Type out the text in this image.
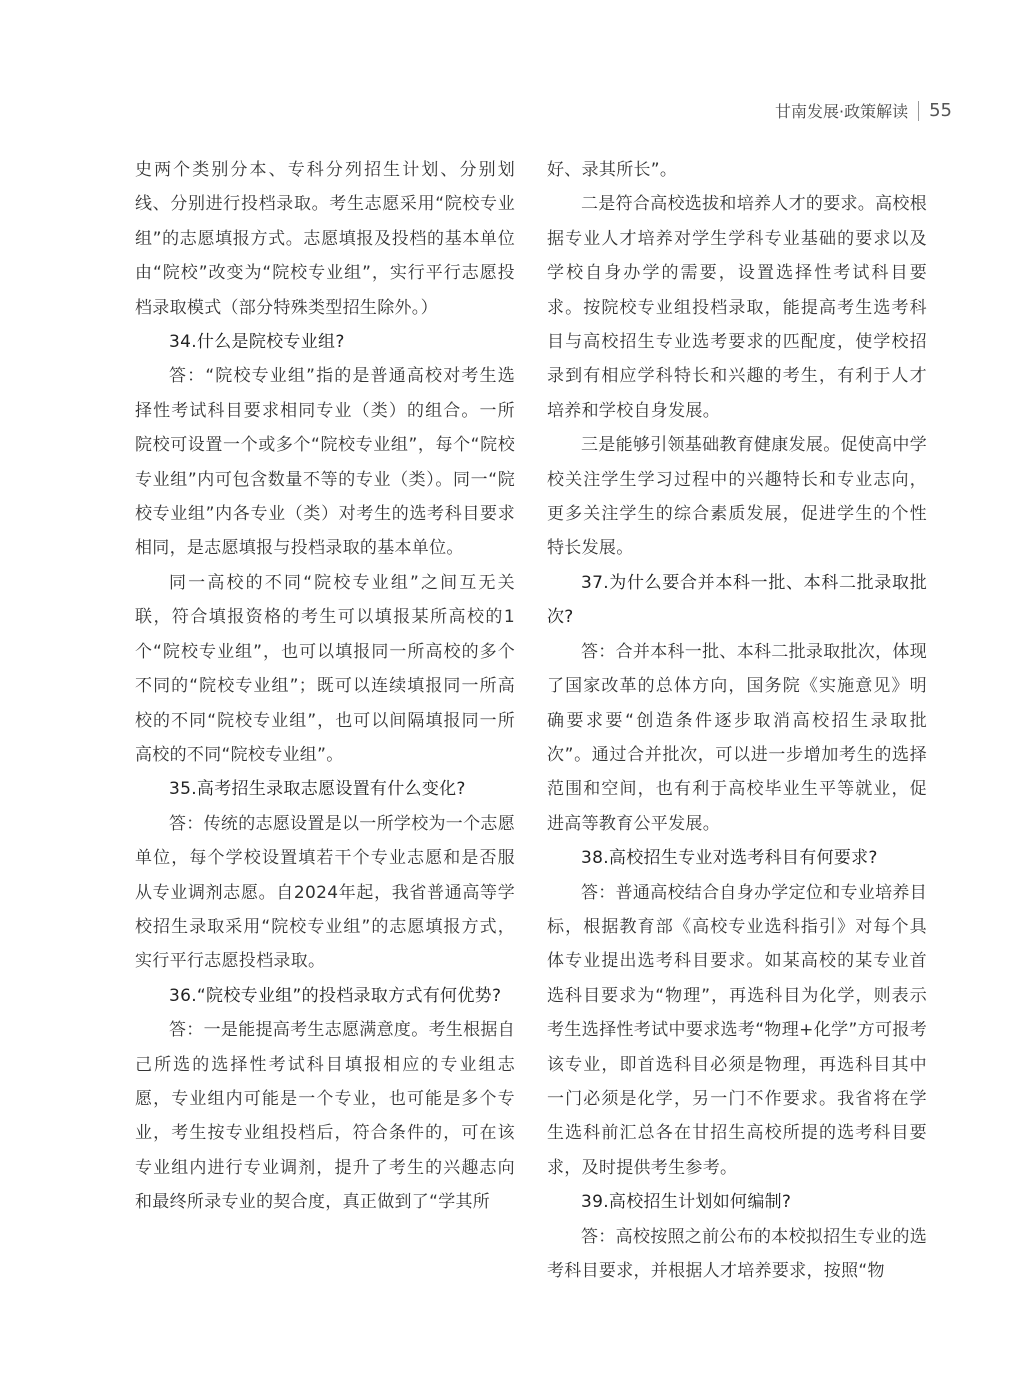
甘南发展·政策解读 55

史两个类别分本、专科分列招生计划、分别划线、分别进行投档录取。考生志愿采用“院校专业组”的志愿填报方式。志愿填报及投档的基本单位由“院校”改变为“院校专业组”，实行平行志愿投档录取模式（部分特殊类型招生除外。）

34.什么是院校专业组?

答：“院校专业组”指的是普通高校对考生选择性考试科目要求相同专业（类）的组合。一所院校可设置一个或多个“院校专业组”，每个“院校专业组”内可包含数量不等的专业（类）。同一“院校专业组”内各专业（类）对考生的选考科目要求相同，是志愿填报与投档录取的基本单位。

同一高校的不同“院校专业组”之间互无关联，符合填报资格的考生可以填报某所高校的1个“院校专业组”，也可以填报同一所高校的多个不同的“院校专业组”；既可以连续填报同一所高校的不同“院校专业组”，也可以间隔填报同一所高校的不同“院校专业组”。

35.高考招生录取志愿设置有什么变化?

答：传统的志愿设置是以一所学校为一个志愿单位，每个学校设置填若干个专业志愿和是否服从专业调剂志愿。自2024年起，我省普通高等学校招生录取采用“院校专业组”的志愿填报方式，实行平行志愿投档录取。

36.“院校专业组”的投档录取方式有何优势?

答：一是能提高考生志愿满意度。考生根据自己所选的选择性考试科目填报相应的专业组志愿，专业组内可能是一个专业，也可能是多个专业，考生按专业组投档后，符合条件的，可在该专业组内进行专业调剂，提升了考生的兴趣志向和最终所录专业的契合度，真正做到了“学其所

好、录其所长”。

二是符合高校选拔和培养人才的要求。高校根据专业人才培养对学生学科专业基础的要求以及学校自身办学的需要，设置选择性考试科目要求。按院校专业组投档录取，能提高考生选考科目与高校招生专业选考要求的匹配度，使学校招录到有相应学科特长和兴趣的考生，有利于人才培养和学校自身发展。

三是能够引领基础教育健康发展。促使高中学校关注学生学习过程中的兴趣特长和专业志向，更多关注学生的综合素质发展，促进学生的个性特长发展。

37.为什么要合并本科一批、本科二批录取批次?

答：合并本科一批、本科二批录取批次，体现了国家改革的总体方向，国务院《实施意见》明确要求要“创造条件逐步取消高校招生录取批次”。通过合并批次，可以进一步增加考生的选择范围和空间，也有利于高校毕业生平等就业，促进高等教育公平发展。

38.高校招生专业对选考科目有何要求?

答：普通高校结合自身办学定位和专业培养目标，根据教育部《高校专业选科指引》对每个具体专业提出选考科目要求。如某高校的某专业首选科目要求为“物理”，再选科目为化学，则表示考生选择性考试中要求选考“物理+化学”方可报考该专业，即首选科目必须是物理，再选科目其中一门必须是化学，另一门不作要求。我省将在学生选科前汇总各在甘招生高校所提的选考科目要求，及时提供考生参考。

39.高校招生计划如何编制?

答：高校按照之前公布的本校拟招生专业的选考科目要求，并根据人才培养要求，按照“物
